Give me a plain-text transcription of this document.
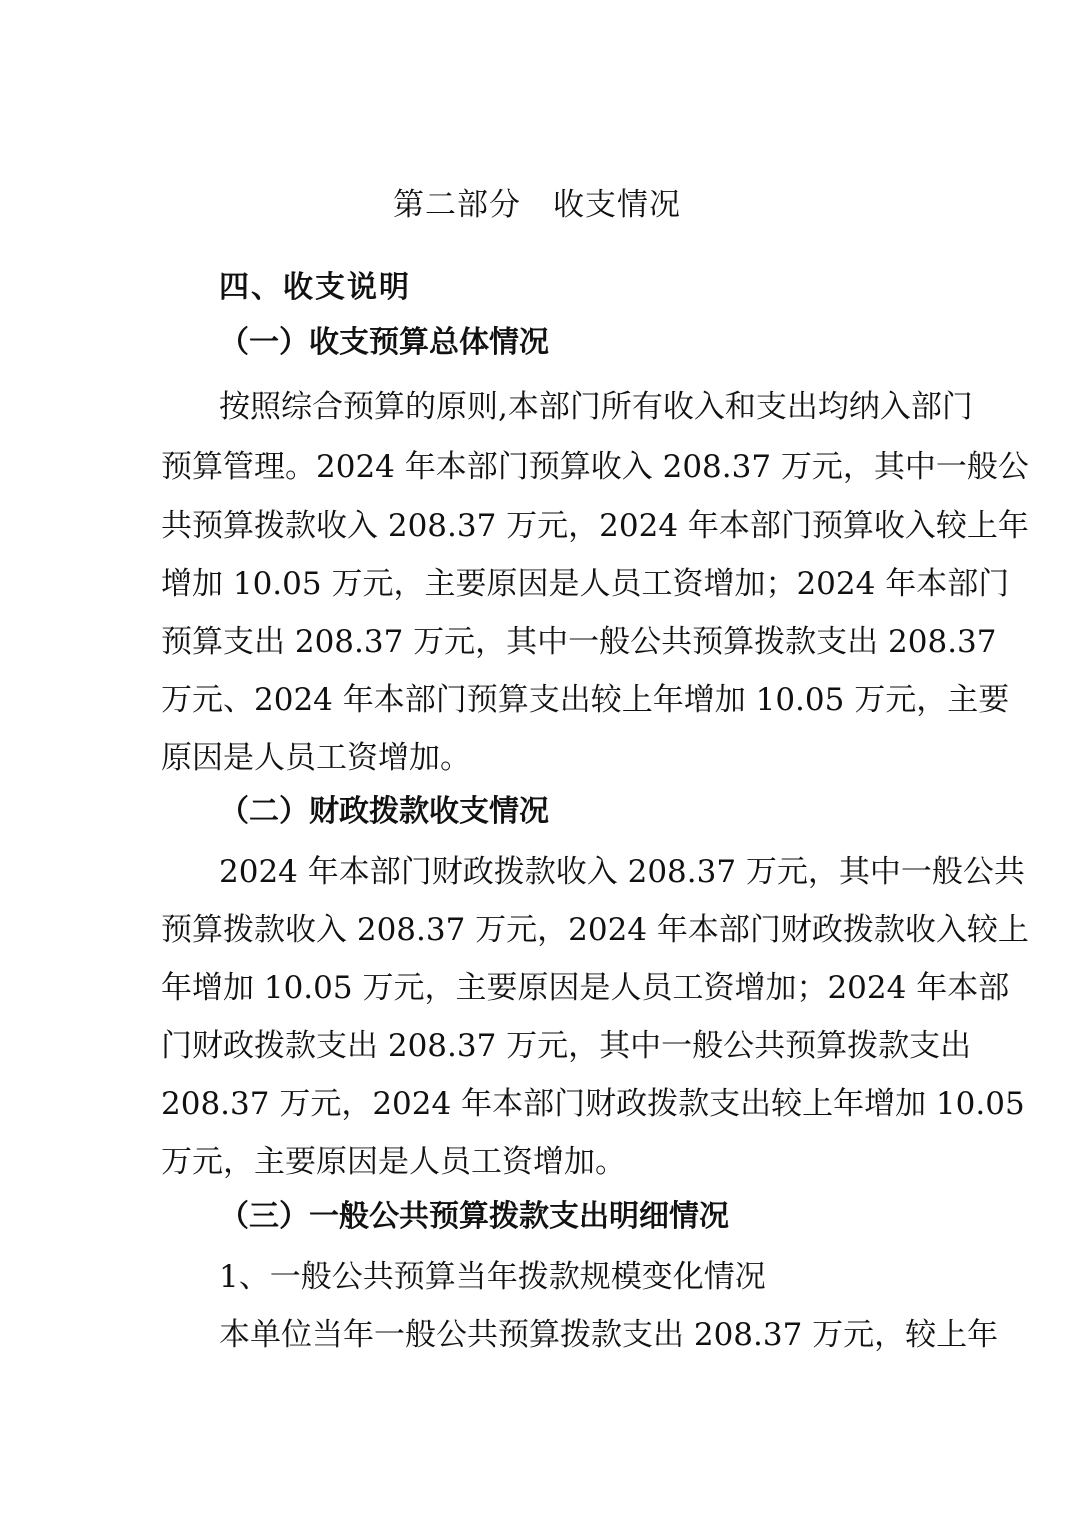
第二部分　收支情况
四、收支说明
（一）收支预算总体情况
按照综合预算的原则,本部门所有收入和支出均纳入部门
预算管理。2024 年本部门预算收入 208.37 万元，其中一般公
共预算拨款收入 208.37 万元，2024 年本部门预算收入较上年
增加 10.05 万元，主要原因是人员工资增加；2024 年本部门
预算支出 208.37 万元，其中一般公共预算拨款支出 208.37
万元、2024 年本部门预算支出较上年增加 10.05 万元，主要
原因是人员工资增加。
（二）财政拨款收支情况
2024 年本部门财政拨款收入 208.37 万元，其中一般公共
预算拨款收入 208.37 万元，2024 年本部门财政拨款收入较上
年增加 10.05 万元，主要原因是人员工资增加；2024 年本部
门财政拨款支出 208.37 万元，其中一般公共预算拨款支出
208.37 万元，2024 年本部门财政拨款支出较上年增加 10.05
万元，主要原因是人员工资增加。
（三）一般公共预算拨款支出明细情况
1、一般公共预算当年拨款规模变化情况
本单位当年一般公共预算拨款支出 208.37 万元，较上年
